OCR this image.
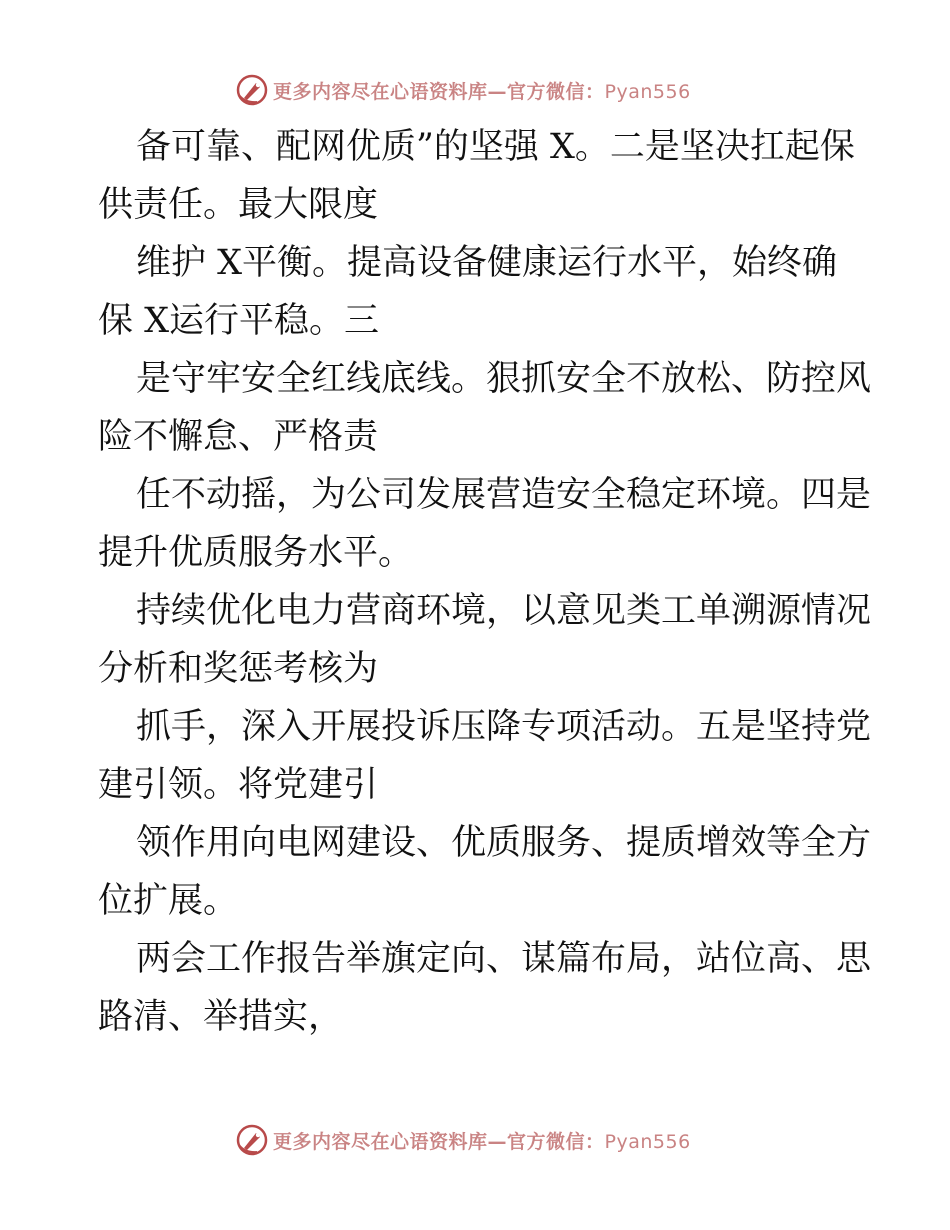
更多内容尽在心语资料库—官方微信：Pyan556
备可靠、配网优质”的坚强 X。二是坚决扛起保
供责任。最大限度
维护 X平衡。提高设备健康运行水平，始终确
保 X运行平稳。三
是守牢安全红线底线。狠抓安全不放松、防控风
险不懈怠、严格责
任不动摇，为公司发展营造安全稳定环境。四是
提升优质服务水平。
持续优化电力营商环境，以意见类工单溯源情况
分析和奖惩考核为
抓手，深入开展投诉压降专项活动。五是坚持党
建引领。将党建引
领作用向电网建设、优质服务、提质增效等全方
位扩展。
两会工作报告举旗定向、谋篇布局，站位高、思
路清、举措实，
更多内容尽在心语资料库—官方微信：Pyan556
